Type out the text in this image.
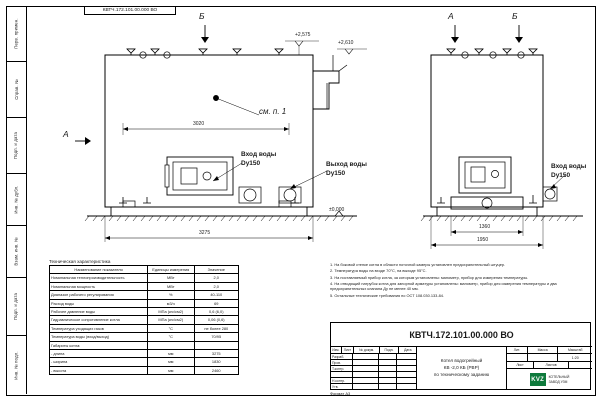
Перв. примен.
Справ. №
Подп. и дата
Инв. № дубл.
Взам. инв. №
Подп. и дата
Инв. № подл.
КВТЧ.172.101.00.000 ВО
Б
А
А	Б
см. п. 1
Вход воды
Dy150	Выход воды
Dy150
Вход воды
Dy150
+2,575
+2,610
±0,000
3020
3275
1360
1950
Техническая характеристика
Наименование показателя	Единицы измерения	Значение
Номинальная теплопроизводительность	МВт	2,0
Номинальная мощность	МВт	2,0
Диапазон рабочего регулирования	%	40-110
Расход воды	м3/ч	69
Рабочее давление воды	МПа (кгс/см2)	0,6 (6,0)
Гидравлическое сопротивление котла	МПа (кгс/см2)	0,06 (0,6)
Температура уходящих газов	°С	не более 280
Температура воды (вход/выход)	°С	70/95
Габариты котла:		
- длина	мм	3275
- ширина	мм	1830
- высота	мм	2460
1. На боковой стенке котла в области поточной камеры установлен предохранительный штуцер.
2. Температура воды на входе 70°С, на выходе 95°С.
3. На поставляемый прибор котла, за которым установлены: манометр, прибор для измерения температуры.
4. На отводящий патрубок котла для запорной арматуры установлены: манометр, прибор для измерения температуры и два предохранительных клапана Ду не менее 40 мм.
5. Остальные технические требования по ОСТ 108.030.133-84.
КВТЧ.172.101.00.000 ВО
Изм.	Лист	№ докум.	Подп.	Дата
Разраб.
Пров.
Т.контр.
Н.контр.
Утв.
Котел водогрейный
КВ -2,0 КБ (РВР)
по техническому заданию
Лит.	Масса	Масштаб
1:20
Лист	Листов
KVZ	КОТЕЛЬНЫЙ
ЗАВОД УЗМ
Формат А3
